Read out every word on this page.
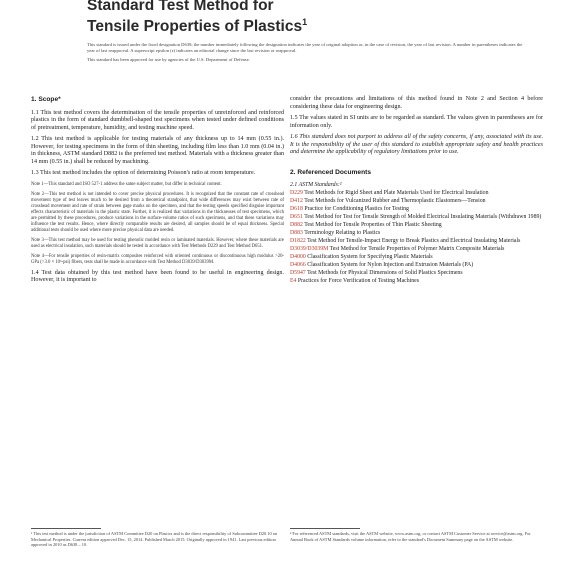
Standard Test Method for
Tensile Properties of Plastics$^1$

This standard is issued under the fixed designation D638; the number immediately following the designation indicates the year of original adoption or, in the case of revision, the year of last revision. A number in parentheses indicates the year of last reapproval. A superscript epsilon (ε) indicates an editorial change since the last revision or reapproval.

This standard has been approved for use by agencies of the U.S. Department of Defense.

1. Scope*

1.1 This test method covers the determination of the tensile properties of unreinforced and reinforced plastics in the form of standard dumbbell-shaped test specimens when tested under defined conditions of pretreatment, temperature, humidity, and testing machine speed.

1.2 This test method is applicable for testing materials of any thickness up to 14 mm (0.55 in.). However, for testing specimens in the form of thin sheeting, including film less than 1.0 mm (0.04 in.) in thickness, ASTM standard D882 is the preferred test method. Materials with a thickness greater than 14 mm (0.55 in.) shall be reduced by machining.

1.3 This test method includes the option of determining Poisson's ratio at room temperature.

Note 1—This standard and ISO 527-1 address the same subject matter, but differ in technical content.

Note 2—This test method is not intended to cover precise physical procedures. It is recognized that the constant rate of crosshead movement type of test leaves much to be desired from a theoretical standpoint, that wide differences may exist between rate of crosshead movement and rate of strain between gage marks on the specimen, and that the testing speeds specified disguise important effects characteristic of materials in the plastic state. Further, it is realized that variations in the thicknesses of test specimens, which are permitted by these procedures, produce variations in the surface-volume ratios of such specimens, and that these variations may influence the test results. Hence, where directly comparable results are desired, all samples should be of equal thickness. Special additional tests should be used where more precise physical data are needed.

Note 3—This test method may be used for testing phenolic molded resin or laminated materials. However, where these materials are used as electrical insulation, such materials should be tested in accordance with Test Methods D229 and Test Method D651.

Note 4—For tensile properties of resin-matrix composites reinforced with oriented continuous or discontinuous high modulus >20-GPa (>3.0 × 10⁶-psi) fibers, tests shall be made in accordance with Test Method D3039/D3039M.

1.4 Test data obtained by this test method have been found to be useful in engineering design. However, it is important to

consider the precautions and limitations of this method found in Note 2 and Section 4 before considering these data for engineering design.

1.5 The values stated in SI units are to be regarded as standard. The values given in parentheses are for information only.

1.6 This standard does not purport to address all of the safety concerns, if any, associated with its use. It is the responsibility of the user of this standard to establish appropriate safety and health practices and determine the applicability of regulatory limitations prior to use.

2. Referenced Documents
2.1 ASTM Standards:²
D229 Test Methods for Rigid Sheet and Plate Materials Used for Electrical Insulation
D412 Test Methods for Vulcanized Rubber and Thermoplastic Elastomers—Tension
D618 Practice for Conditioning Plastics for Testing
D651 Test Method for Test for Tensile Strength of Molded Electrical Insulating Materials (Withdrawn 1989)
D882 Test Method for Tensile Properties of Thin Plastic Sheeting
D883 Terminology Relating to Plastics
D1822 Test Method for Tensile-Impact Energy to Break Plastics and Electrical Insulating Materials
D3039/D3039M Test Method for Tensile Properties of Polymer Matrix Composite Materials
D4000 Classification System for Specifying Plastic Materials
D4066 Classification System for Nylon Injection and Extrusion Materials (PA)
D5947 Test Methods for Physical Dimensions of Solid Plastics Specimens
E4 Practices for Force Verification of Testing Machines

¹ This test method is under the jurisdiction of ASTM Committee D20 on Plastics and is the direct responsibility of Subcommittee D20.10 on Mechanical Properties. Current edition approved Dec. 15, 2014. Published March 2015. Originally approved in 1941. Last previous edition approved in 2010 as D638 – 10.

² For referenced ASTM standards, visit the ASTM website, www.astm.org, or contact ASTM Customer Service at service@astm.org. For Annual Book of ASTM Standards volume information, refer to the standard's Document Summary page on the ASTM website.
